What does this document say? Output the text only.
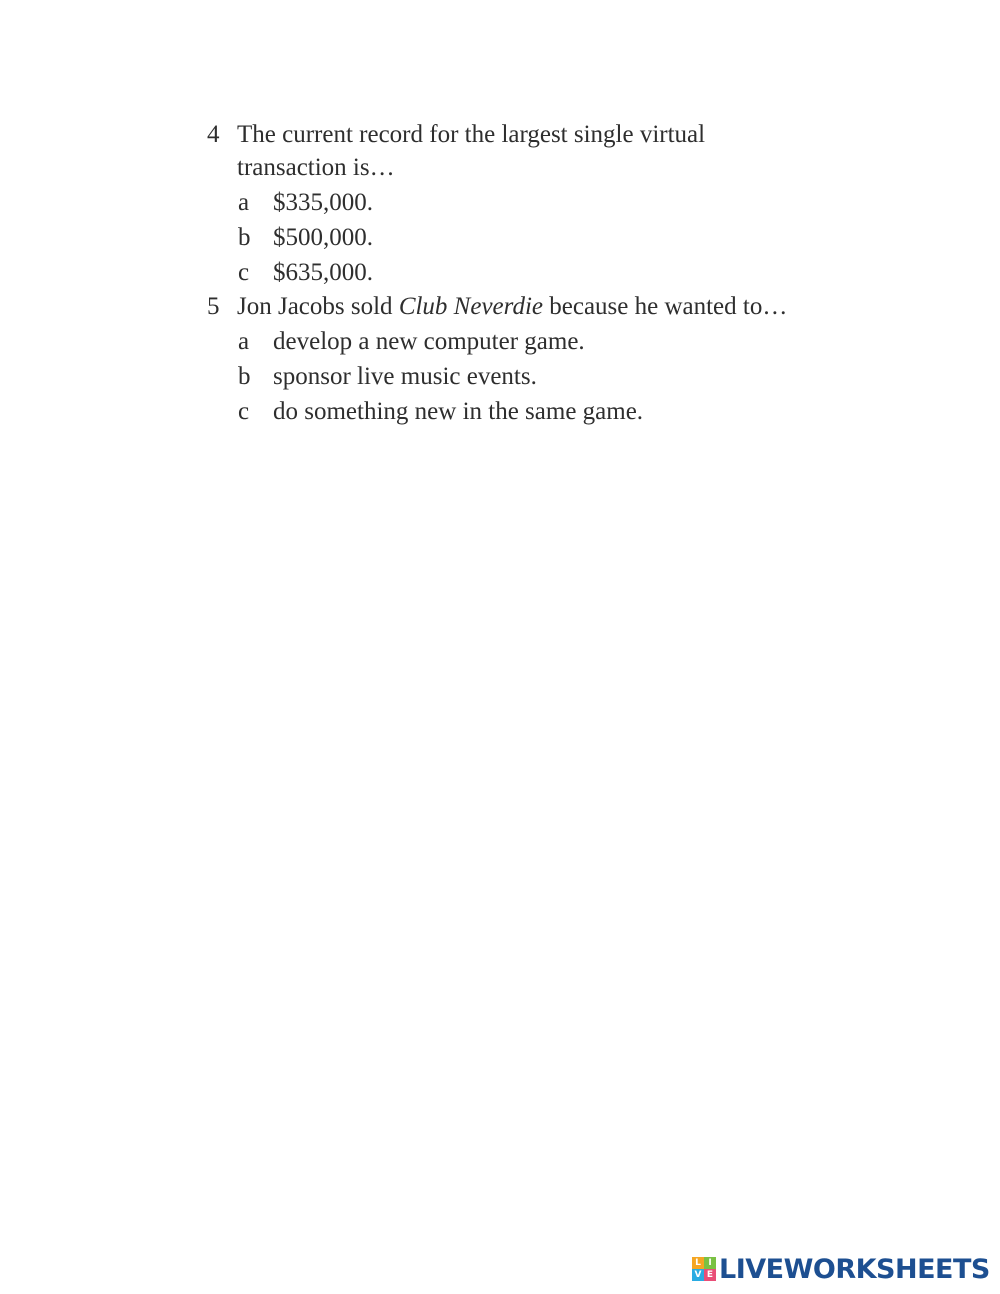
4 The current record for the largest single virtual
transaction is…
a $335,000.
b $500,000.
c $635,000.
5 Jon Jacobs sold Club Neverdie because he wanted to…
a develop a new computer game.
b sponsor live music events.
c do something new in the same game.
L I
V E LIVEWORKSHEETS
